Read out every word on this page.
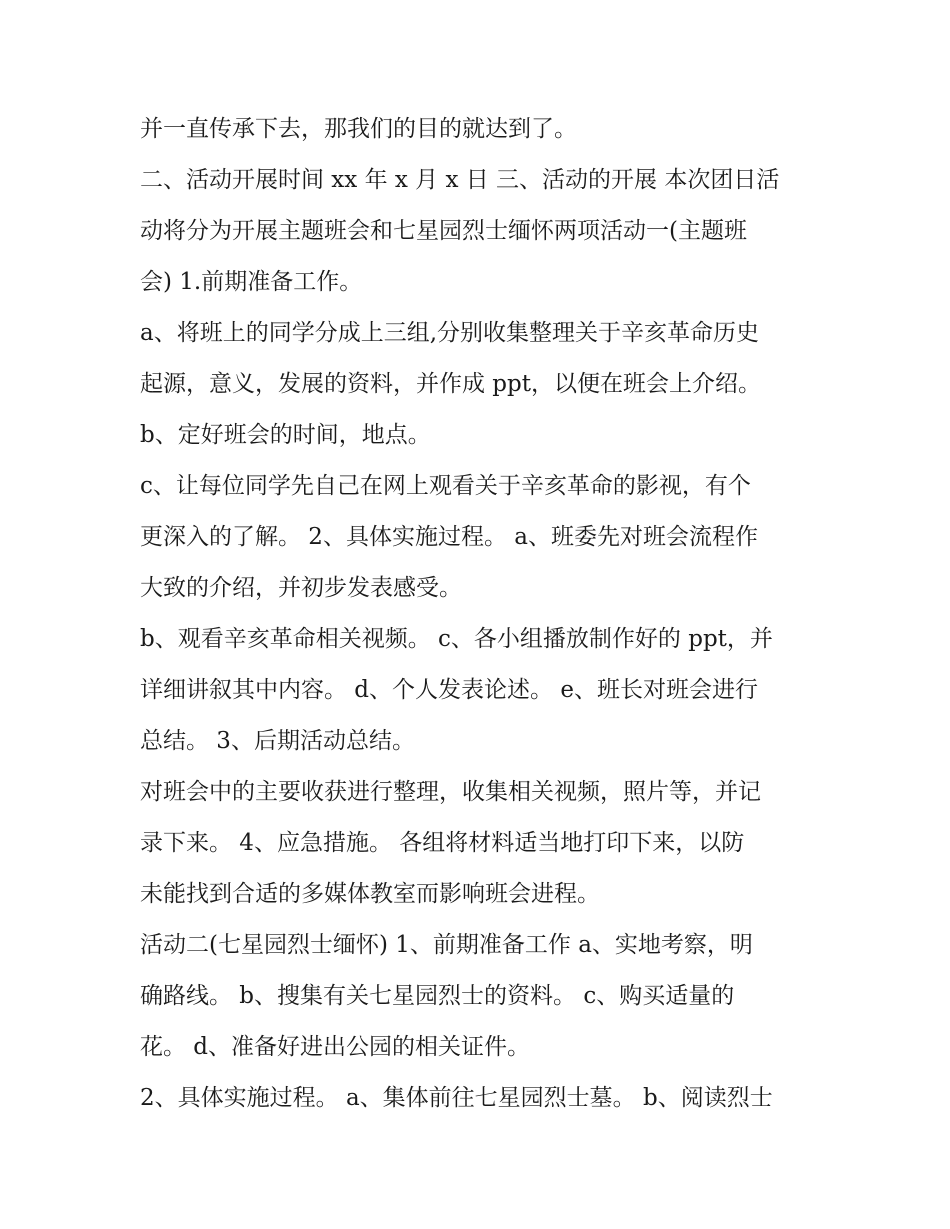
并一直传承下去，那我们的目的就达到了。
二、活动开展时间 xx 年 x 月 x 日 三、活动的开展 本次团日活
动将分为开展主题班会和七星园烈士缅怀两项活动一(主题班
会) 1.前期准备工作。
a、将班上的同学分成上三组,分别收集整理关于辛亥革命历史
起源，意义，发展的资料，并作成 ppt，以便在班会上介绍。
b、定好班会的时间，地点。
c、让每位同学先自己在网上观看关于辛亥革命的影视，有个
更深入的了解。 2、具体实施过程。 a、班委先对班会流程作
大致的介绍，并初步发表感受。
b、观看辛亥革命相关视频。 c、各小组播放制作好的 ppt，并
详细讲叙其中内容。 d、个人发表论述。 e、班长对班会进行
总结。 3、后期活动总结。
对班会中的主要收获进行整理，收集相关视频，照片等，并记
录下来。 4、应急措施。 各组将材料适当地打印下来，以防
未能找到合适的多媒体教室而影响班会进程。
活动二(七星园烈士缅怀) 1、前期准备工作 a、实地考察，明
确路线。 b、搜集有关七星园烈士的资料。 c、购买适量的
花。 d、准备好进出公园的相关证件。
2、具体实施过程。 a、集体前往七星园烈士墓。 b、阅读烈士
